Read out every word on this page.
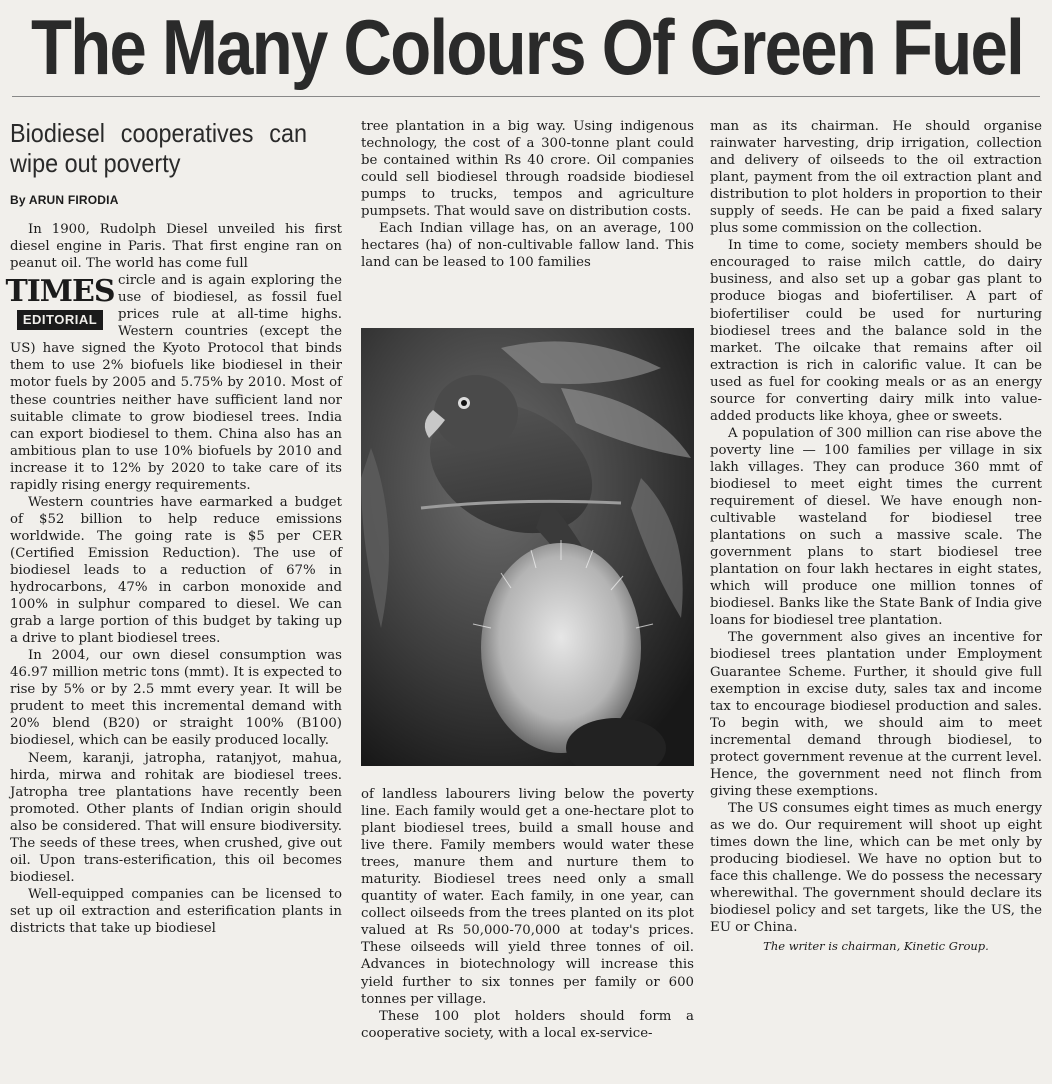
The Many Colours Of Green Fuel
Biodiesel cooperatives can wipe out poverty
By ARUN FIRODIA

In 1900, Rudolph Diesel unveiled his first diesel engine in Paris. That first engine ran on peanut oil. The world has come full

TIMES
EDITORIAL

circle and is again exploring the use of biodiesel, as fossil fuel prices rule at all-time highs. Western countries (except the US) have signed the Kyoto Protocol that binds them to use 2% biofuels like biodiesel in their motor fuels by 2005 and 5.75% by 2010. Most of these countries neither have sufficient land nor suitable climate to grow biodiesel trees. India can export biodiesel to them. China also has an ambitious plan to use 10% biofuels by 2010 and increase it to 12% by 2020 to take care of its rapidly rising energy requirements.

Western countries have earmarked a budget of $52 billion to help reduce emissions worldwide. The going rate is $5 per CER (Certified Emission Reduction). The use of biodiesel leads to a reduction of 67% in hydrocarbons, 47% in carbon monoxide and 100% in sulphur compared to diesel. We can grab a large portion of this budget by taking up a drive to plant biodiesel trees.

In 2004, our own diesel consumption was 46.97 million metric tons (mmt). It is expected to rise by 5% or by 2.5 mmt every year. It will be prudent to meet this incremental demand with 20% blend (B20) or straight 100% (B100) biodiesel, which can be easily produced locally.

Neem, karanji, jatropha, ratanjyot, mahua, hirda, mirwa and rohitak are biodiesel trees. Jatropha tree plantations have recently been promoted. Other plants of Indian origin should also be considered. That will ensure biodiversity. The seeds of these trees, when crushed, give out oil. Upon trans-esterification, this oil becomes biodiesel.

Well-equipped companies can be licensed to set up oil extraction and esterification plants in districts that take up biodiesel

tree plantation in a big way. Using indigenous technology, the cost of a 300-tonne plant could be contained within Rs 40 crore. Oil companies could sell biodiesel through roadside biodiesel pumps to trucks, tempos and agriculture pumpsets. That would save on distribution costs.

Each Indian village has, on an average, 100 hectares (ha) of non-cultivable fallow land. This land can be leased to 100 families

of landless labourers living below the poverty line. Each family would get a one-hectare plot to plant biodiesel trees, build a small house and live there. Family members would water these trees, manure them and nurture them to maturity. Biodiesel trees need only a small quantity of water. Each family, in one year, can collect oilseeds from the trees planted on its plot valued at Rs 50,000-70,000 at today's prices. These oilseeds will yield three tonnes of oil. Advances in biotechnology will increase this yield further to six tonnes per family or 600 tonnes per village.

These 100 plot holders should form a cooperative society, with a local ex-service-

man as its chairman. He should organise rainwater harvesting, drip irrigation, collection and delivery of oilseeds to the oil extraction plant, payment from the oil extraction plant and distribution to plot holders in proportion to their supply of seeds. He can be paid a fixed salary plus some commission on the collection.

In time to come, society members should be encouraged to raise milch cattle, do dairy business, and also set up a gobar gas plant to produce biogas and biofertiliser. A part of biofertiliser could be used for nurturing biodiesel trees and the balance sold in the market. The oilcake that remains after oil extraction is rich in calorific value. It can be used as fuel for cooking meals or as an energy source for converting dairy milk into value-added products like khoya, ghee or sweets.

A population of 300 million can rise above the poverty line — 100 families per village in six lakh villages. They can produce 360 mmt of biodiesel to meet eight times the current requirement of diesel. We have enough non-cultivable wasteland for biodiesel tree plantations on such a massive scale. The government plans to start biodiesel tree plantation on four lakh hectares in eight states, which will produce one million tonnes of biodiesel. Banks like the State Bank of India give loans for biodiesel tree plantation.

The government also gives an incentive for biodiesel trees plantation under Employment Guarantee Scheme. Further, it should give full exemption in excise duty, sales tax and income tax to encourage biodiesel production and sales. To begin with, we should aim to meet incremental demand through biodiesel, to protect government revenue at the current level. Hence, the government need not flinch from giving these exemptions.

The US consumes eight times as much energy as we do. Our requirement will shoot up eight times down the line, which can be met only by producing biodiesel. We have no option but to face this challenge. We do possess the necessary wherewithal. The government should declare its biodiesel policy and set targets, like the US, the EU or China.

The writer is chairman, Kinetic Group.
